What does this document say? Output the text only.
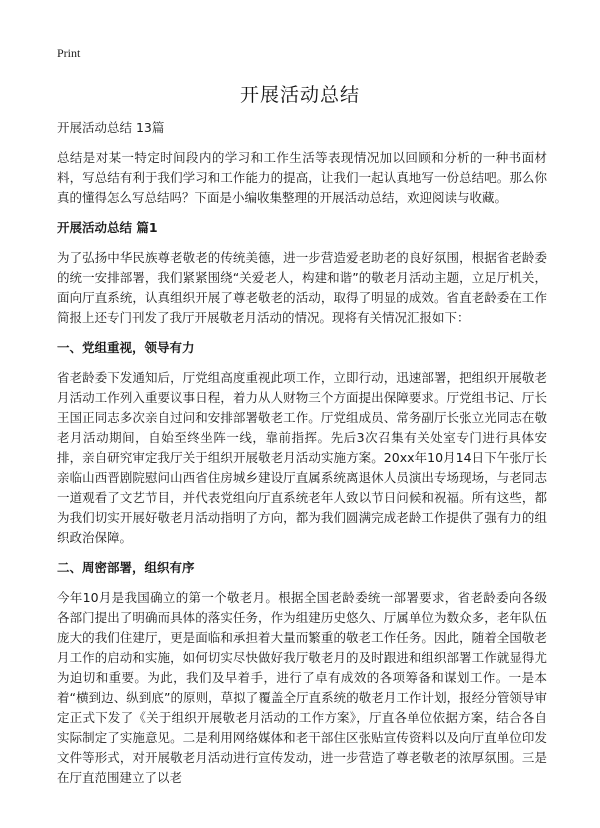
Print
开展活动总结
开展活动总结 13篇

总结是对某一特定时间段内的学习和工作生活等表现情况加以回顾和分析的一种书面材料，写总结有利于我们学习和工作能力的提高，让我们一起认真地写一份总结吧。那么你真的懂得怎么写总结吗？下面是小编收集整理的开展活动总结，欢迎阅读与收藏。

开展活动总结 篇1

为了弘扬中华民族尊老敬老的传统美德，进一步营造爱老助老的良好氛围，根据省老龄委的统一安排部署，我们紧紧围绕“关爱老人，构建和谐”的敬老月活动主题，立足厅机关，面向厅直系统，认真组织开展了尊老敬老的活动，取得了明显的成效。省直老龄委在工作简报上还专门刊发了我厅开展敬老月活动的情况。现将有关情况汇报如下：

一、党组重视，领导有力

省老龄委下发通知后，厅党组高度重视此项工作，立即行动，迅速部署，把组织开展敬老月活动工作列入重要议事日程，着力从人财物三个方面提出保障要求。厅党组书记、厅长王国正同志多次亲自过问和安排部署敬老工作。厅党组成员、常务副厅长张立光同志在敬老月活动期间，自始至终坐阵一线，靠前指挥。先后3次召集有关处室专门进行具体安排，亲自研究审定我厅关于组织开展敬老月活动实施方案。20xx年10月14日下午张厅长亲临山西晋剧院慰问山西省住房城乡建设厅直属系统离退休人员演出专场现场，与老同志一道观看了文艺节目，并代表党组向厅直系统老年人致以节日问候和祝福。所有这些，都为我们切实开展好敬老月活动指明了方向，都为我们圆满完成老龄工作提供了强有力的组织政治保障。

二、周密部署，组织有序

今年10月是我国确立的第一个敬老月。根据全国老龄委统一部署要求，省老龄委向各级各部门提出了明确而具体的落实任务，作为组建历史悠久、厅属单位为数众多，老年队伍庞大的我们住建厅，更是面临和承担着大量而繁重的敬老工作任务。因此，随着全国敬老月工作的启动和实施，如何切实尽快做好我厅敬老月的及时跟进和组织部署工作就显得尤为迫切和重要。为此，我们及早着手，进行了卓有成效的各项筹备和谋划工作。一是本着“横到边、纵到底”的原则，草拟了覆盖全厅直系统的敬老月工作计划，报经分管领导审定正式下发了《关于组织开展敬老月活动的工作方案》，厅直各单位依据方案，结合各自实际制定了实施意见。二是利用网络媒体和老干部住区张贴宣传资料以及向厅直单位印发文件等形式，对开展敬老月活动进行宣传发动，进一步营造了尊老敬老的浓厚氛围。三是在厅直范围建立了以老
